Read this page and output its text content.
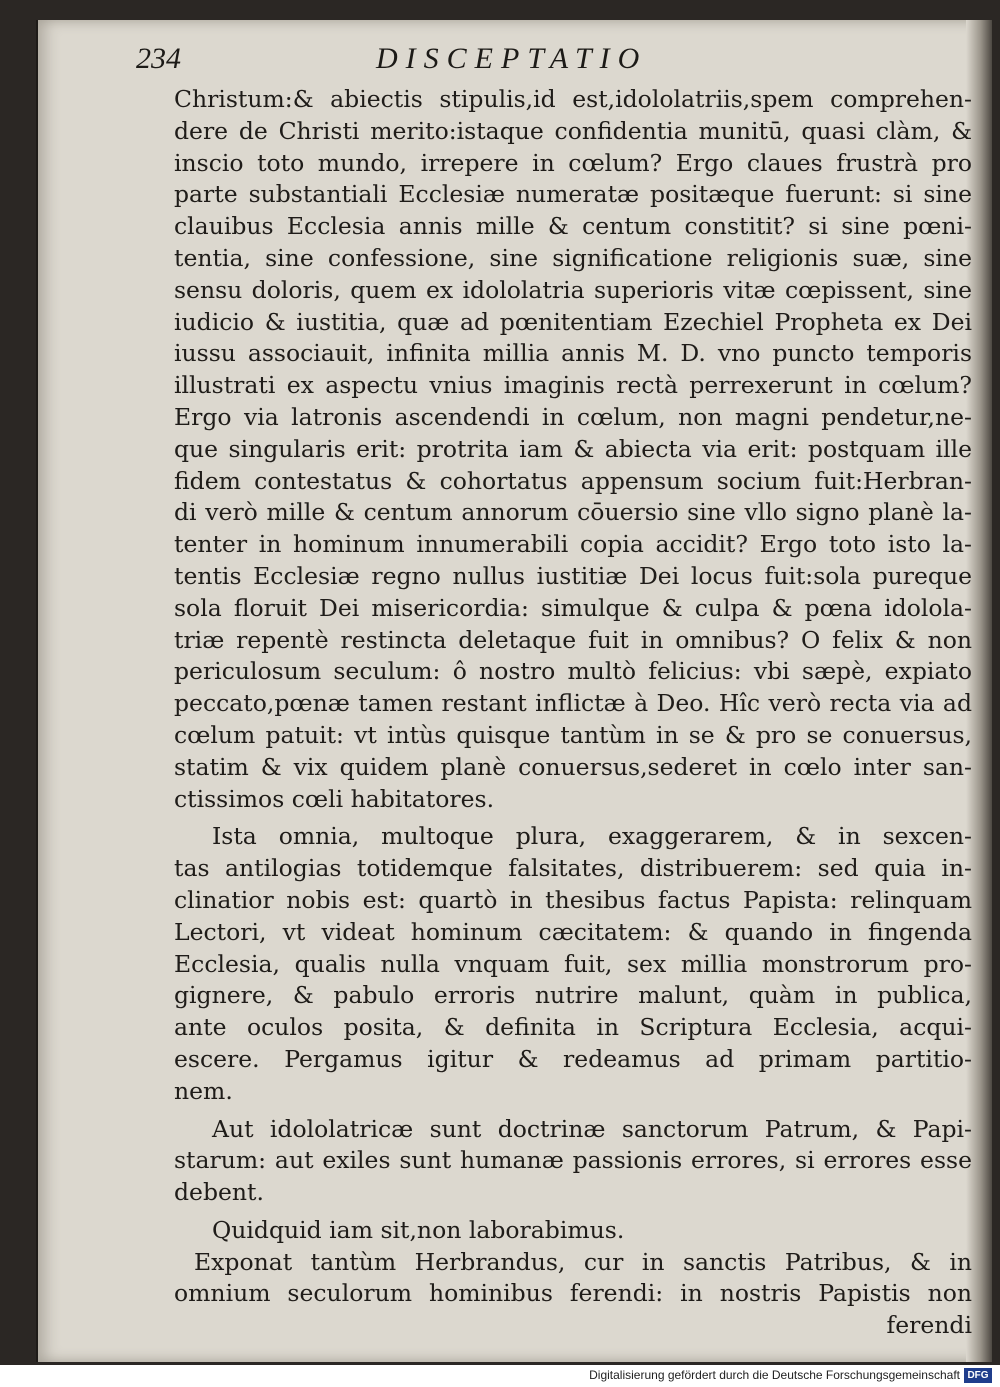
234	DISCEPTATIO
Christum:& abiectis stipulis,id est,idololatriis,spem comprehen-
dere de Christi merito:istaque confidentia munitū, quasi clàm, &
inscio toto mundo, irrepere in cœlum? Ergo claues frustrà pro
parte substantiali Ecclesiæ numeratæ positæque fuerunt: si sine
clauibus Ecclesia annis mille & centum constitit? si sine pœni-
tentia, sine confessione, sine significatione religionis suæ, sine
sensu doloris, quem ex idololatria superioris vitæ cœpissent, sine
iudicio & iustitia, quæ ad pœnitentiam Ezechiel Propheta ex Dei
iussu associauit, infinita millia annis M. D. vno puncto temporis
illustrati ex aspectu vnius imaginis rectà perrexerunt in cœlum?
Ergo via latronis ascendendi in cœlum, non magni pendetur,ne-
que singularis erit: protrita iam & abiecta via erit: postquam ille
fidem contestatus & cohortatus appensum socium fuit:Herbran-
di verò mille & centum annorum cōuersio sine vllo signo planè la-
tenter in hominum innumerabili copia accidit? Ergo toto isto la-
tentis Ecclesiæ regno nullus iustitiæ Dei locus fuit:sola pureque
sola floruit Dei misericordia: simulque & culpa & pœna idolola-
triæ repentè restincta deletaque fuit in omnibus? O felix & non
periculosum seculum: ô nostro multò felicius: vbi sæpè, expiato
peccato,pœnæ tamen restant inflictæ à Deo. Hîc verò recta via ad
cœlum patuit: vt intùs quisque tantùm in se & pro se conuersus,
statim & vix quidem planè conuersus,sederet in cœlo inter san-
ctissimos cœli habitatores.
Ista omnia, multoque plura, exaggerarem, & in sexcen-
tas antilogias totidemque falsitates, distribuerem: sed quia in-
clinatior nobis est: quartò in thesibus factus Papista: relinquam
Lectori, vt videat hominum cæcitatem: & quando in fingenda
Ecclesia, qualis nulla vnquam fuit, sex millia monstrorum pro-
gignere, & pabulo erroris nutrire malunt, quàm in publica,
ante oculos posita, & definita in Scriptura Ecclesia, acqui-
escere. Pergamus igitur & redeamus ad primam partitio-
nem.
Aut idololatricæ sunt doctrinæ sanctorum Patrum, & Papi-
starum: aut exiles sunt humanæ passionis errores, si errores esse
debent.
Quidquid iam sit,non laborabimus.
Exponat tantùm Herbrandus, cur in sanctis Patribus, & in
omnium seculorum hominibus ferendi: in nostris Papistis non
ferendi
Digitalisierung gefördert durch die Deutsche Forschungsgemeinschaft DFG
